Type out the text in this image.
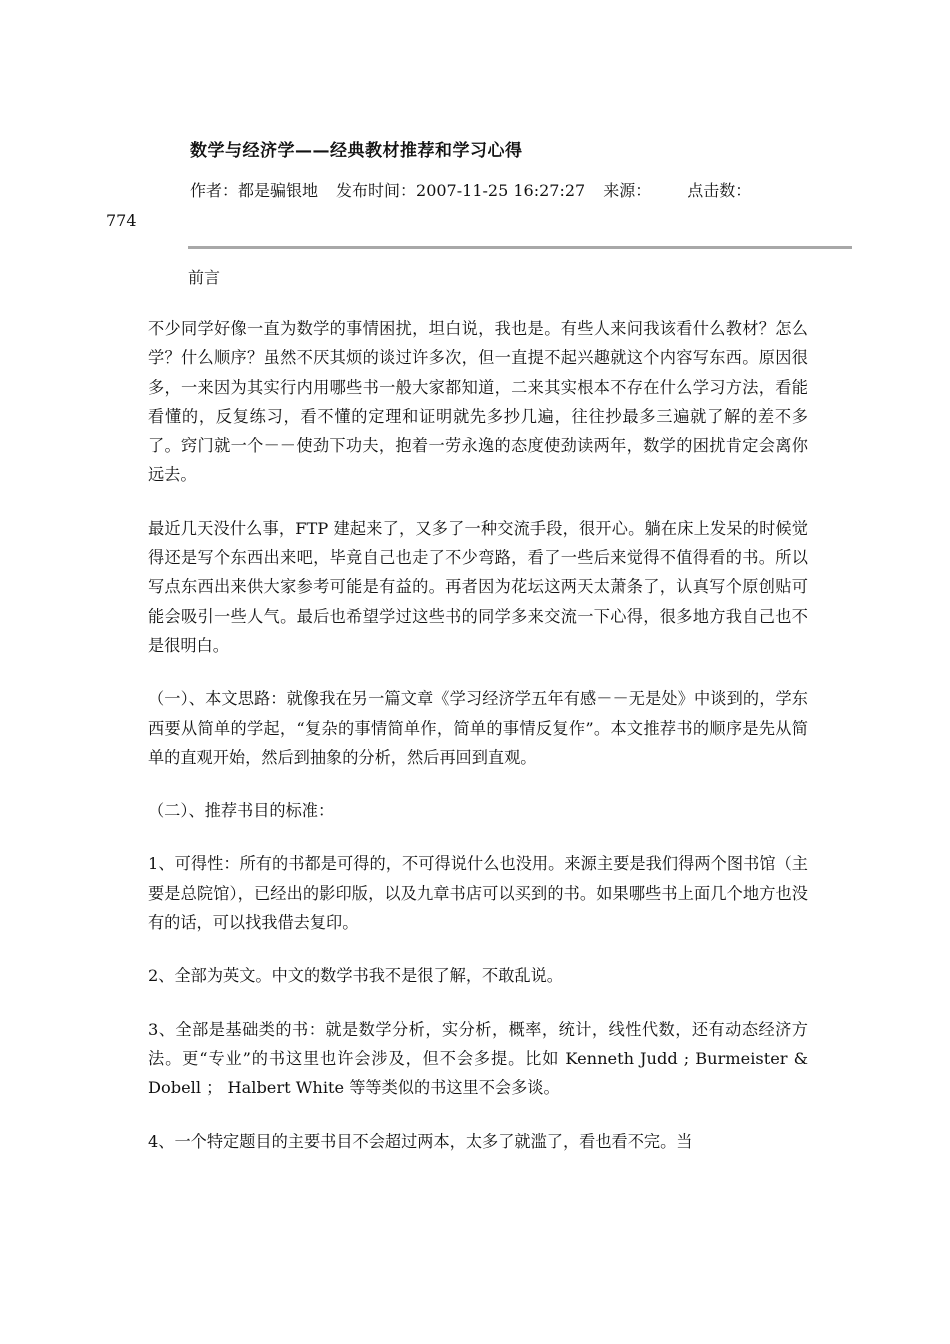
数学与经济学——经典教材推荐和学习心得
作者：都是骗银地 发布时间：2007-11-25 16:27:27 来源： 点击数：
774
前言

不少同学好像一直为数学的事情困扰，坦白说，我也是。有些人来问我该看什么教材？怎么学？什么顺序？虽然不厌其烦的谈过许多次，但一直提不起兴趣就这个内容写东西。原因很多，一来因为其实行内用哪些书一般大家都知道，二来其实根本不存在什么学习方法，看能看懂的，反复练习，看不懂的定理和证明就先多抄几遍，往往抄最多三遍就了解的差不多了。窍门就一个－－使劲下功夫，抱着一劳永逸的态度使劲读两年，数学的困扰肯定会离你远去。

最近几天没什么事，FTP 建起来了，又多了一种交流手段，很开心。躺在床上发呆的时候觉得还是写个东西出来吧，毕竟自己也走了不少弯路，看了一些后来觉得不值得看的书。所以写点东西出来供大家参考可能是有益的。再者因为花坛这两天太萧条了，认真写个原创贴可能会吸引一些人气。最后也希望学过这些书的同学多来交流一下心得，很多地方我自己也不是很明白。

（一）、本文思路：就像我在另一篇文章《学习经济学五年有感－－无是处》中谈到的，学东西要从简单的学起，“复杂的事情简单作，简单的事情反复作”。本文推荐书的顺序是先从简单的直观开始，然后到抽象的分析，然后再回到直观。

（二）、推荐书目的标准：

1、可得性：所有的书都是可得的，不可得说什么也没用。来源主要是我们得两个图书馆（主要是总院馆），已经出的影印版，以及九章书店可以买到的书。如果哪些书上面几个地方也没有的话，可以找我借去复印。

2、全部为英文。中文的数学书我不是很了解，不敢乱说。

3、全部是基础类的书：就是数学分析，实分析，概率，统计，线性代数，还有动态经济方法。更“专业”的书这里也许会涉及，但不会多提。比如 Kenneth Judd ; Burmeister & Dobell ； Halbert White 等等类似的书这里不会多谈。

4、一个特定题目的主要书目不会超过两本，太多了就滥了，看也看不完。当
